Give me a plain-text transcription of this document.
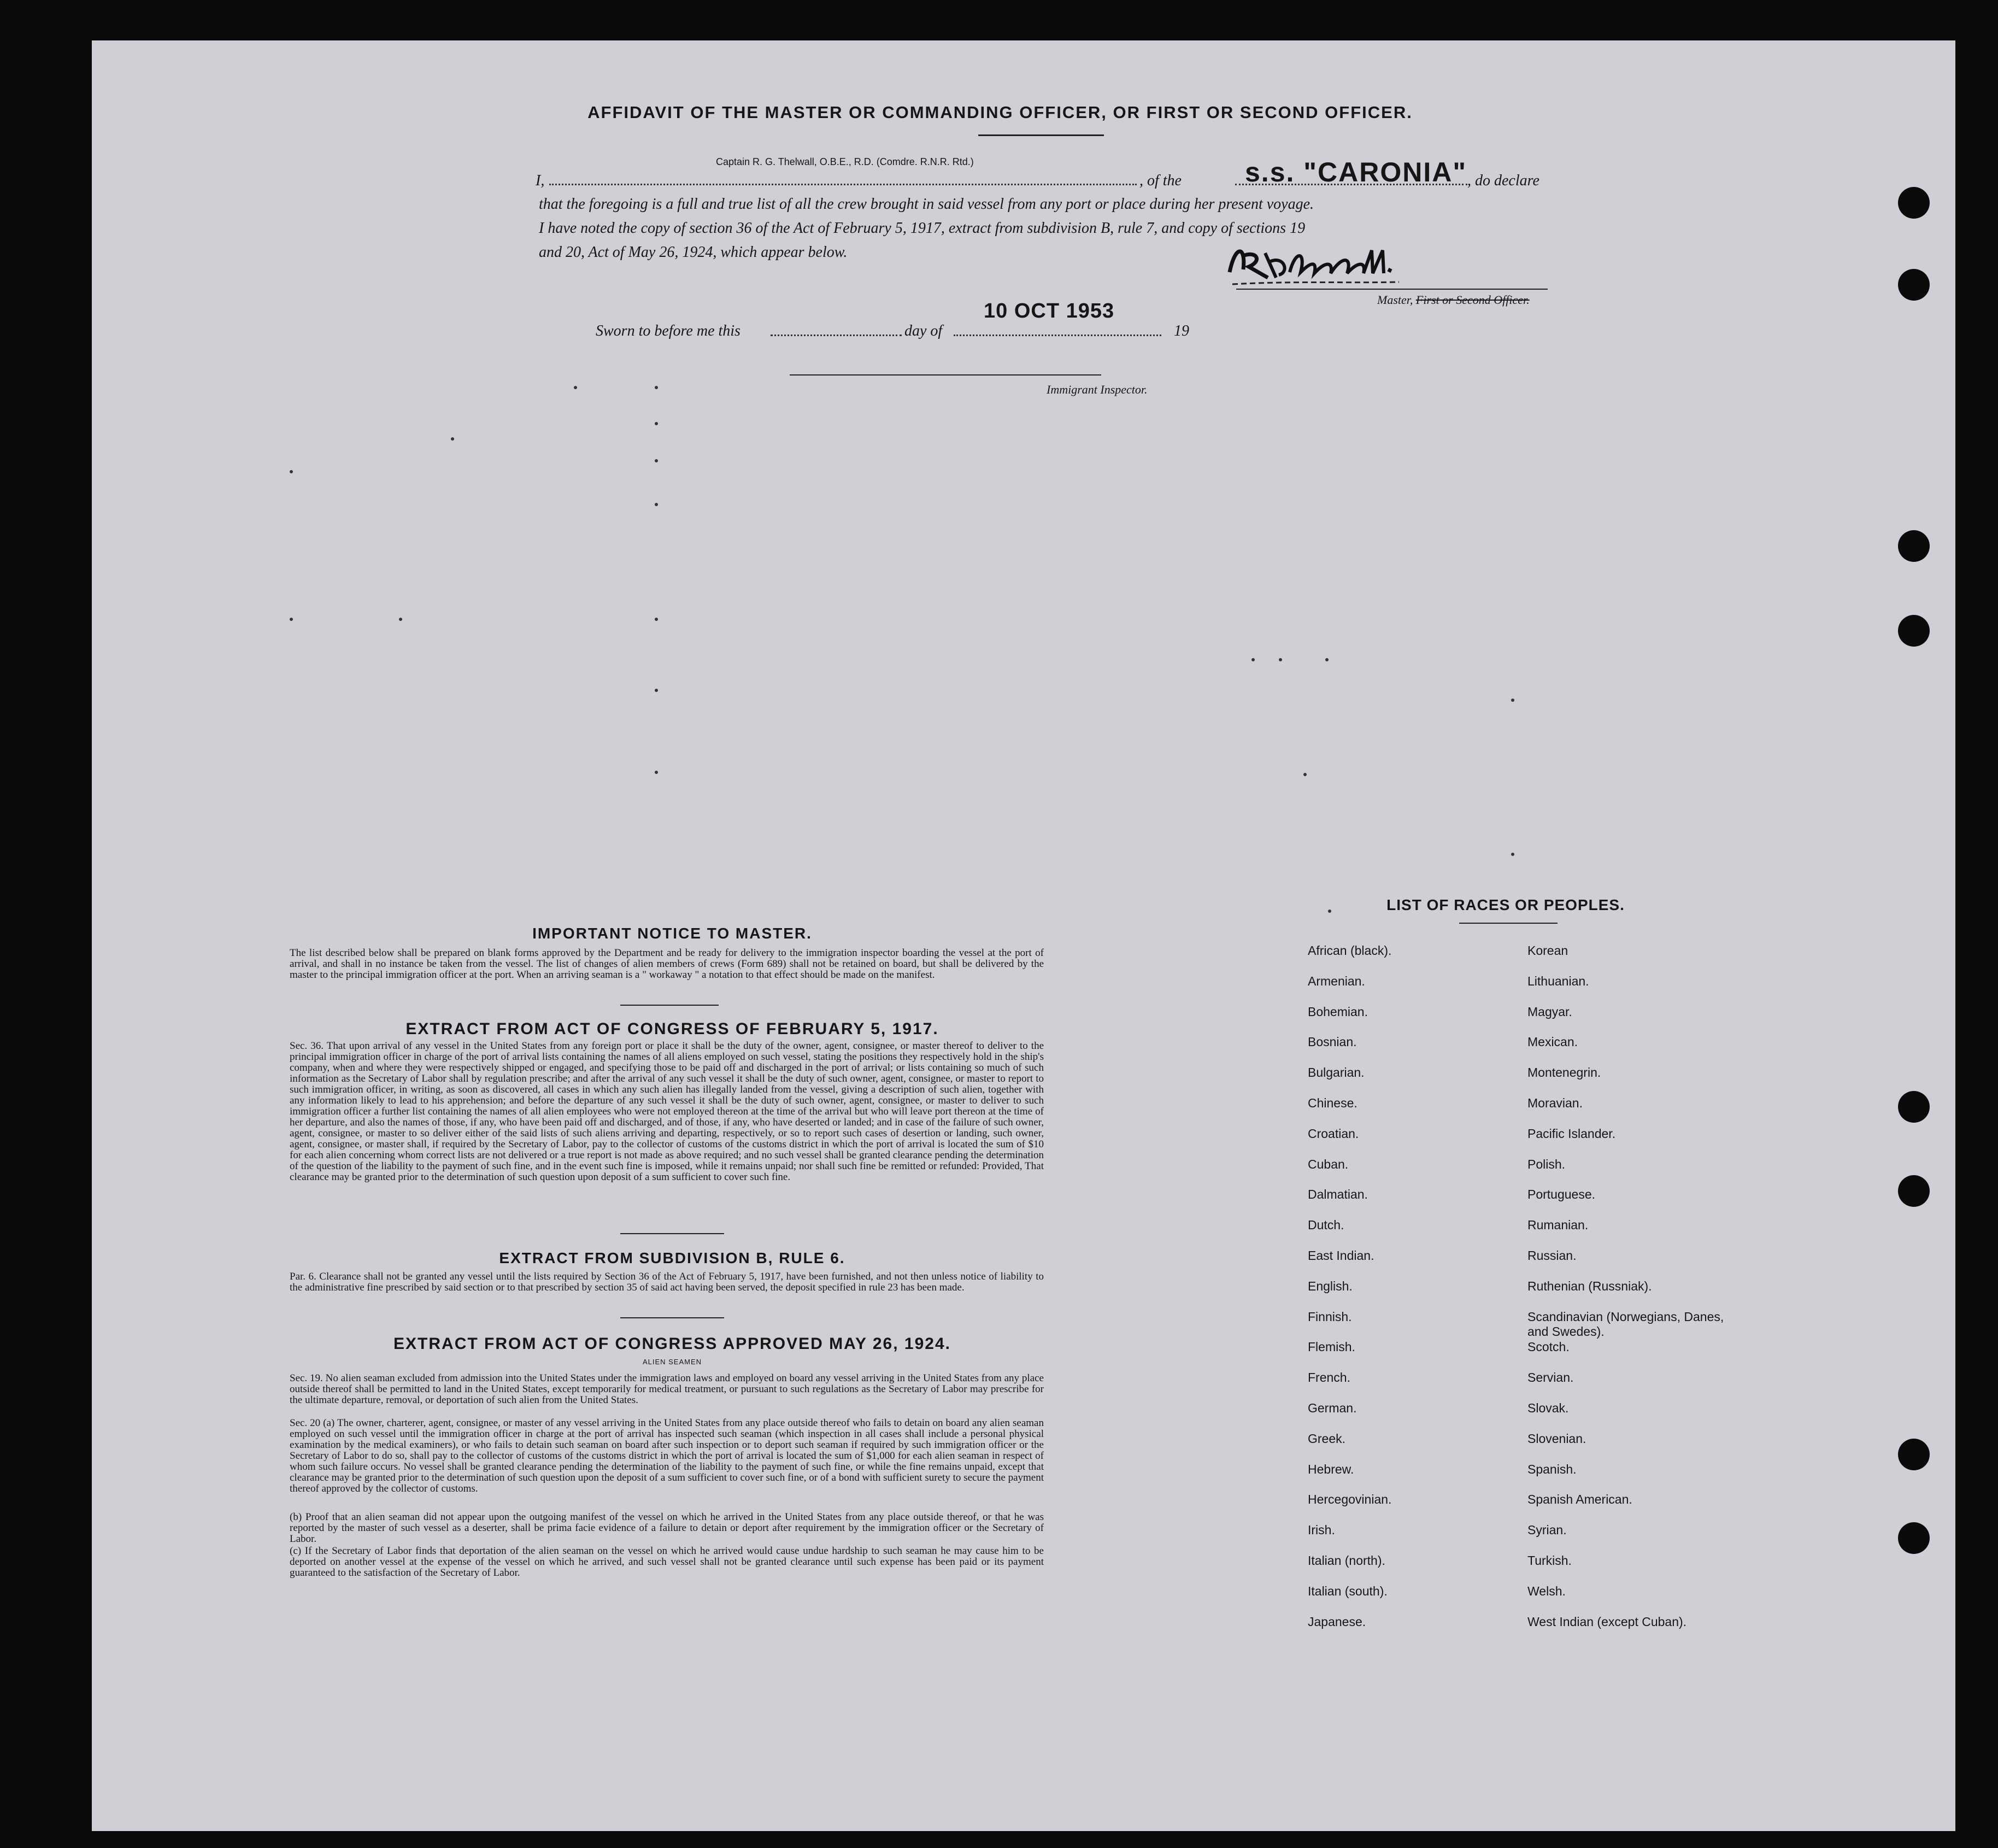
AFFIDAVIT OF THE MASTER OR COMMANDING OFFICER, OR FIRST OR SECOND OFFICER.
Captain R. G. Thelwall, O.B.E., R.D. (Comdre. R.N.R. Rtd.)
I,	, of the s.s. "CARONIA" , do declare
that the foregoing is a full and true list of all the crew brought in said vessel from any port or place during her present voyage.
I have noted the copy of section 36 of the Act of February 5, 1917, extract from subdivision B, rule 7, and copy of sections 19
and 20, Act of May 26, 1924, which appear below.
Master, First or Second Officer.
Sworn to before me this	day of
10 OCT 1953
19
Immigrant Inspector.
IMPORTANT NOTICE TO MASTER.
The list described below shall be prepared on blank forms approved by the Department and be ready for delivery to the immigration inspector boarding the vessel at the port of arrival, and shall in no instance be taken from the vessel. The list of changes of alien members of crews (Form 689) shall not be retained on board, but shall be delivered by the master to the principal immigration officer at the port. When an arriving seaman is a " workaway " a notation to that effect should be made on the manifest.
EXTRACT FROM ACT OF CONGRESS OF FEBRUARY 5, 1917.
Sec. 36. That upon arrival of any vessel in the United States from any foreign port or place it shall be the duty of the owner, agent, consignee, or master thereof to deliver to the principal immigration officer in charge of the port of arrival lists containing the names of all aliens employed on such vessel, stating the positions they respectively hold in the ship's company, when and where they were respectively shipped or engaged, and specifying those to be paid off and discharged in the port of arrival; or lists containing so much of such information as the Secretary of Labor shall by regulation prescribe; and after the arrival of any such vessel it shall be the duty of such owner, agent, consignee, or master to report to such immigration officer, in writing, as soon as discovered, all cases in which any such alien has illegally landed from the vessel, giving a description of such alien, together with any information likely to lead to his apprehension; and before the departure of any such vessel it shall be the duty of such owner, agent, consignee, or master to deliver to such immigration officer a further list containing the names of all alien employees who were not employed thereon at the time of the arrival but who will leave port thereon at the time of her departure, and also the names of those, if any, who have been paid off and discharged, and of those, if any, who have deserted or landed; and in case of the failure of such owner, agent, consignee, or master to so deliver either of the said lists of such aliens arriving and departing, respectively, or so to report such cases of desertion or landing, such owner, agent, consignee, or master shall, if required by the Secretary of Labor, pay to the collector of customs of the customs district in which the port of arrival is located the sum of $10 for each alien concerning whom correct lists are not delivered or a true report is not made as above required; and no such vessel shall be granted clearance pending the determination of the question of the liability to the payment of such fine, and in the event such fine is imposed, while it remains unpaid; nor shall such fine be remitted or refunded: Provided, That clearance may be granted prior to the determination of such question upon deposit of a sum sufficient to cover such fine.
EXTRACT FROM SUBDIVISION B, RULE 6.
Par. 6. Clearance shall not be granted any vessel until the lists required by Section 36 of the Act of February 5, 1917, have been furnished, and not then unless notice of liability to the administrative fine prescribed by said section or to that prescribed by section 35 of said act having been served, the deposit specified in rule 23 has been made.
EXTRACT FROM ACT OF CONGRESS APPROVED MAY 26, 1924.
ALIEN SEAMEN
Sec. 19. No alien seaman excluded from admission into the United States under the immigration laws and employed on board any vessel arriving in the United States from any place outside thereof shall be permitted to land in the United States, except temporarily for medical treatment, or pursuant to such regulations as the Secretary of Labor may prescribe for the ultimate departure, removal, or deportation of such alien from the United States.
Sec. 20 (a) The owner, charterer, agent, consignee, or master of any vessel arriving in the United States from any place outside thereof who fails to detain on board any alien seaman employed on such vessel until the immigration officer in charge at the port of arrival has inspected such seaman (which inspection in all cases shall include a personal physical examination by the medical examiners), or who fails to detain such seaman on board after such inspection or to deport such seaman if required by such immigration officer or the Secretary of Labor to do so, shall pay to the collector of customs of the customs district in which the port of arrival is located the sum of $1,000 for each alien seaman in respect of whom such failure occurs. No vessel shall be granted clearance pending the determination of the liability to the payment of such fine, or while the fine remains unpaid, except that clearance may be granted prior to the determination of such question upon the deposit of a sum sufficient to cover such fine, or of a bond with sufficient surety to secure the payment thereof approved by the collector of customs.
(b) Proof that an alien seaman did not appear upon the outgoing manifest of the vessel on which he arrived in the United States from any place outside thereof, or that he was reported by the master of such vessel as a deserter, shall be prima facie evidence of a failure to detain or deport after requirement by the immigration officer or the Secretary of Labor.
(c) If the Secretary of Labor finds that deportation of the alien seaman on the vessel on which he arrived would cause undue hardship to such seaman he may cause him to be deported on another vessel at the expense of the vessel on which he arrived, and such vessel shall not be granted clearance until such expense has been paid or its payment guaranteed to the satisfaction of the Secretary of Labor.
LIST OF RACES OR PEOPLES.
African (black).
Armenian.
Bohemian.
Bosnian.
Bulgarian.
Chinese.
Croatian.
Cuban.
Dalmatian.
Dutch.
East Indian.
English.
Finnish.
Flemish.
French.
German.
Greek.
Hebrew.
Hercegovinian.
Irish.
Italian (north).
Italian (south).
Japanese.
Korean
Lithuanian.
Magyar.
Mexican.
Montenegrin.
Moravian.
Pacific Islander.
Polish.
Portuguese.
Rumanian.
Russian.
Ruthenian (Russniak).
Scandinavian (Norwegians, Danes, and Swedes).
Scotch.
Servian.
Slovak.
Slovenian.
Spanish.
Spanish American.
Syrian.
Turkish.
Welsh.
West Indian (except Cuban).
